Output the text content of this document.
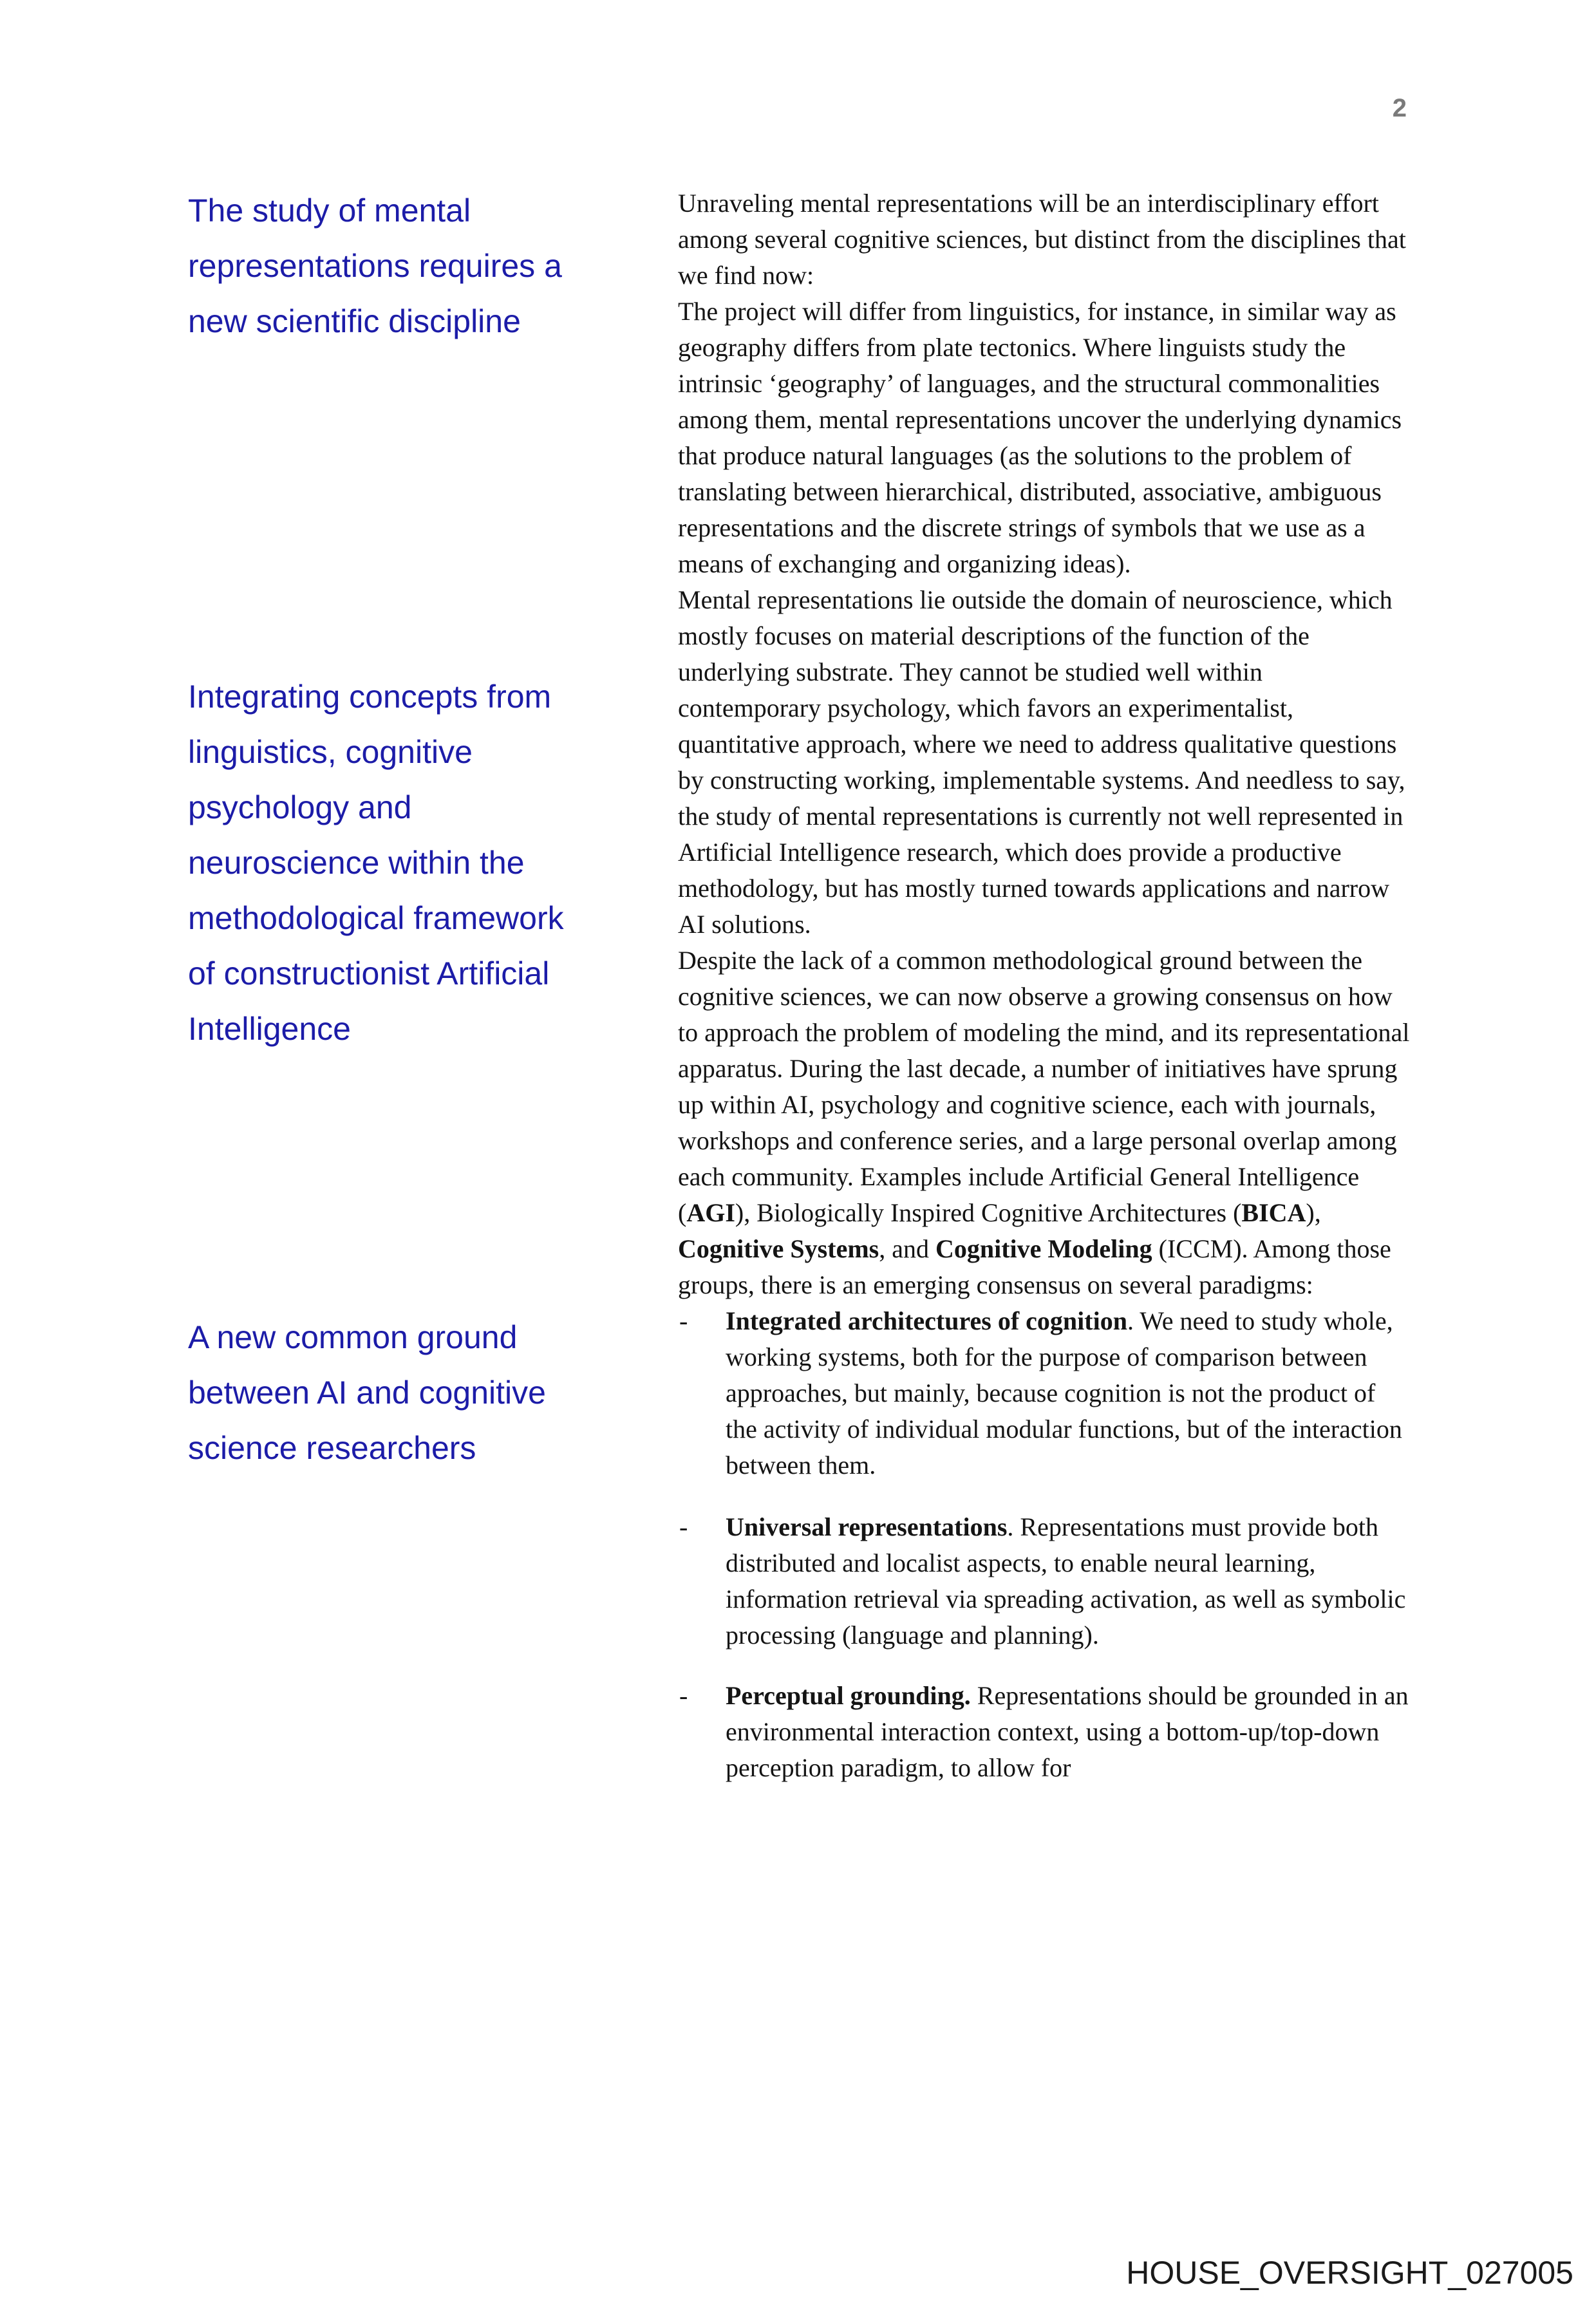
2
The study of mental representations requires a new scientific discipline
Integrating concepts from linguistics, cognitive psychology and neuroscience within the methodological framework of constructionist Artificial Intelligence
A new common ground between AI and cognitive science researchers

Unraveling mental representations will be an interdisciplinary effort among several cognitive sciences, but distinct from the disciplines that we find now:

The project will differ from linguistics, for instance, in similar way as geography differs from plate tectonics. Where linguists study the intrinsic ‘geography’ of languages, and the structural commonalities among them, mental representations uncover the underlying dynamics that produce natural languages (as the solutions to the problem of translating between hierarchical, distributed, associative, ambiguous representations and the discrete strings of symbols that we use as a means of exchanging and organizing ideas).

Mental representations lie outside the domain of neuroscience, which mostly focuses on material descriptions of the function of the underlying substrate. They cannot be studied well within contemporary psychology, which favors an experimentalist, quantitative approach, where we need to address qualitative questions by constructing working, implementable systems. And needless to say, the study of mental representations is currently not well represented in Artificial Intelligence research, which does provide a productive methodology, but has mostly turned towards applications and narrow AI solutions.

Despite the lack of a common methodological ground between the cognitive sciences, we can now observe a growing consensus on how to approach the problem of modeling the mind, and its representational apparatus. During the last decade, a number of initiatives have sprung up within AI, psychology and cognitive science, each with journals, workshops and conference series, and a large personal overlap among each community. Examples include Artificial General Intelligence (AGI), Biologically Inspired Cognitive Architectures (BICA), Cognitive Systems, and Cognitive Modeling (ICCM). Among those groups, there is an emerging consensus on several paradigms:

- Integrated architectures of cognition. We need to study whole, working systems, both for the purpose of comparison between approaches, but mainly, because cognition is not the product of the activity of individual modular functions, but of the interaction between them.
- Universal representations. Representations must provide both distributed and localist aspects, to enable neural learning, information retrieval via spreading activation, as well as symbolic processing (language and planning).
- Perceptual grounding. Representations should be grounded in an environmental interaction context, using a bottom-up/top-down perception paradigm, to allow for
HOUSE_OVERSIGHT_027005
